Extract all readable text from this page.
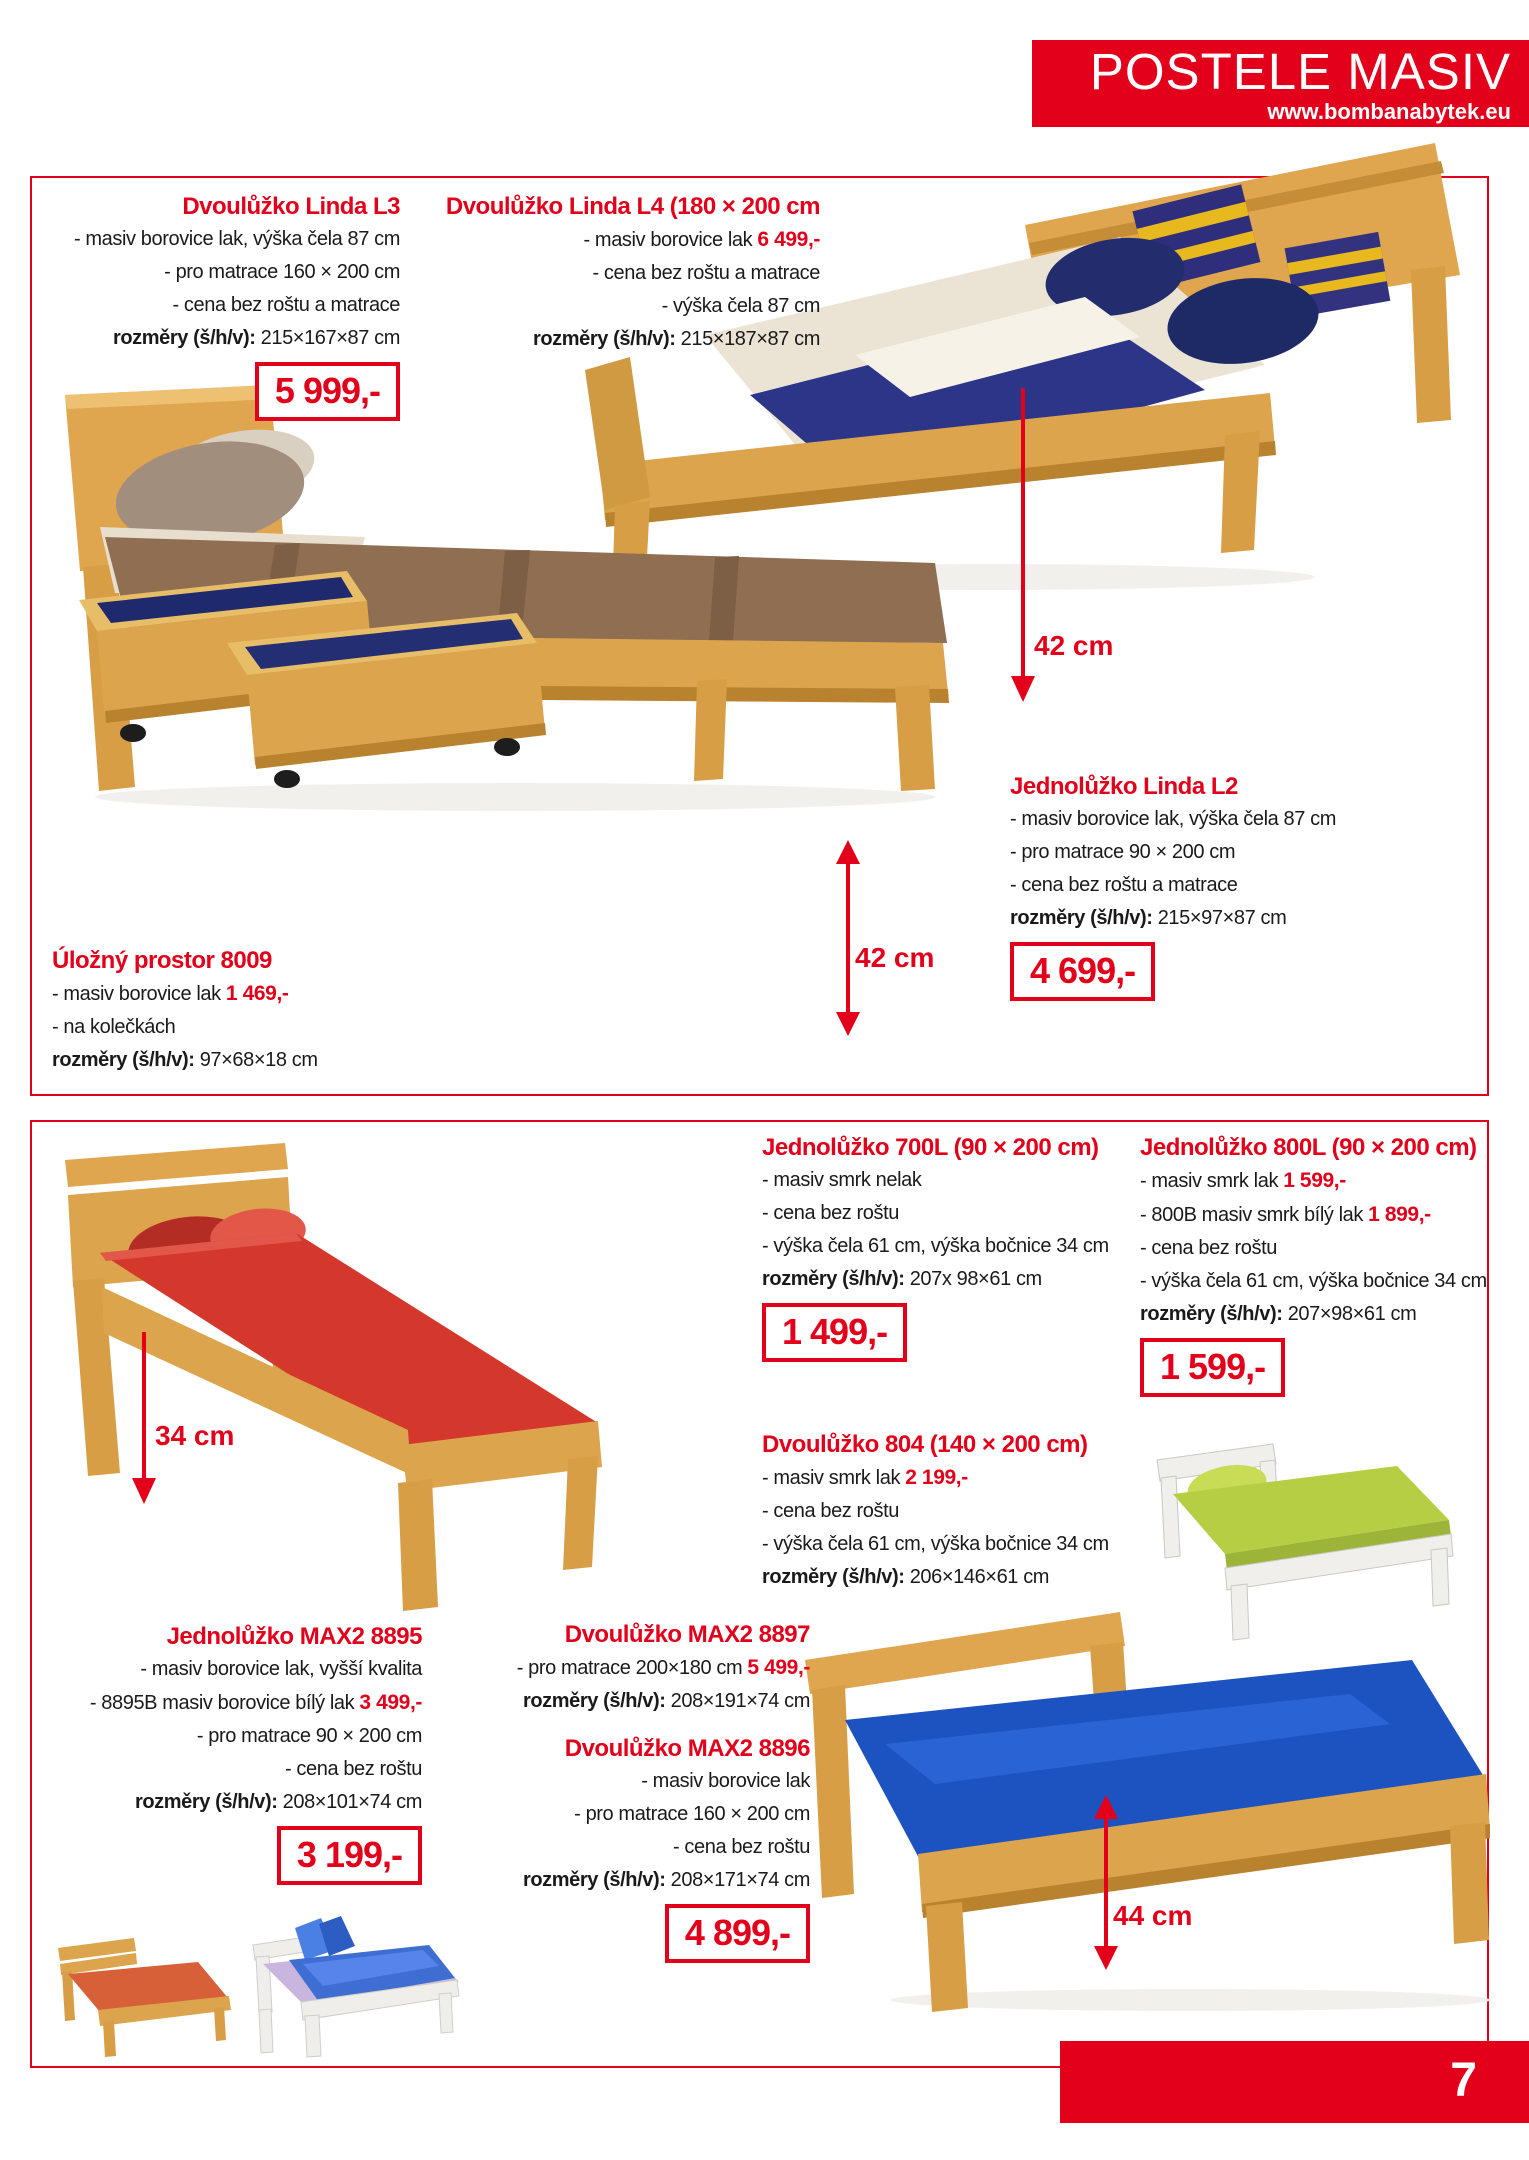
Dvoulůžko Linda L3
- masiv borovice lak, výška čela 87 cm
- pro matrace 160 × 200 cm
- cena bez roštu a matrace
rozměry (š/h/v): 215×167×87 cm
5 999,-
Dvoulůžko Linda L4 (180 × 200 cm
- masiv borovice lak 6 499,-
- cena bez roštu a matrace
- výška čela 87 cm
rozměry (š/h/v): 215×187×87 cm
Jednolůžko Linda L2
- masiv borovice lak, výška čela 87 cm
- pro matrace 90 × 200 cm
- cena bez roštu a matrace
rozměry (š/h/v): 215×97×87 cm
4 699,-
Úložný prostor 8009
- masiv borovice lak 1 469,-
- na kolečkách
rozměry (š/h/v): 97×68×18 cm
Jednolůžko 700L (90 × 200 cm)
- masiv smrk nelak
- cena bez roštu
- výška čela 61 cm, výška bočnice 34 cm
rozměry (š/h/v): 207x 98×61 cm
1 499,-
Jednolůžko 800L (90 × 200 cm)
- masiv smrk lak 1 599,-
- 800B masiv smrk bílý lak 1 899,-
- cena bez roštu
- výška čela 61 cm, výška bočnice 34 cm
rozměry (š/h/v): 207×98×61 cm
1 599,-
Dvoulůžko 804 (140 × 200 cm)
- masiv smrk lak 2 199,-
- cena bez roštu
- výška čela 61 cm, výška bočnice 34 cm
rozměry (š/h/v): 206×146×61 cm
Jednolůžko MAX2 8895
- masiv borovice lak, vyšší kvalita
- 8895B masiv borovice bílý lak 3 499,-
- pro matrace 90 × 200 cm
- cena bez roštu
rozměry (š/h/v): 208×101×74 cm
3 199,-
Dvoulůžko MAX2 8897
- pro matrace 200×180 cm 5 499,-
rozměry (š/h/v): 208×191×74 cm
Dvoulůžko MAX2 8896
- masiv borovice lak
- pro matrace 160 × 200 cm
- cena bez roštu
rozměry (š/h/v): 208×171×74 cm
4 899,-
42 cm
42 cm
34 cm
44 cm
POSTELE MASIV
www.bombanabytek.eu
7
